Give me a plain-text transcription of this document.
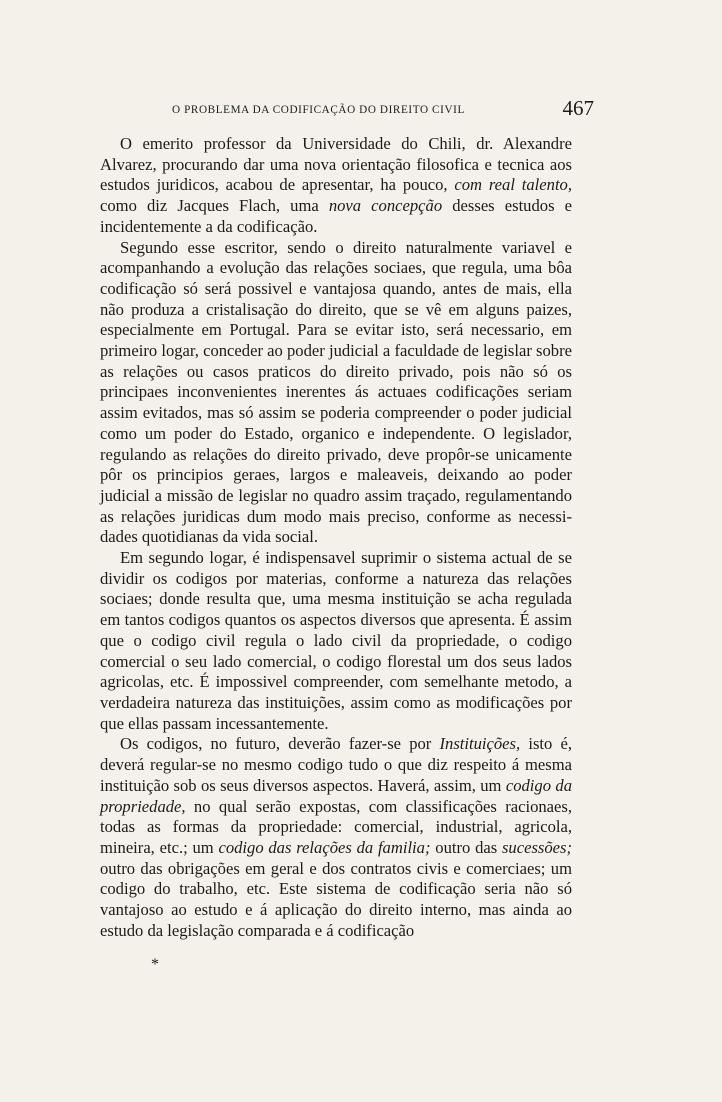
O PROBLEMA DA CODIFICAÇÃO DO DIREITO CIVIL	467

O emerito professor da Universidade do Chili, dr. Alexandre Alvarez, procurando dar uma nova orientação filosofica e tecnica aos estudos juridicos, acabou de apresentar, ha pouco, com real talento, como diz Jacques Flach, uma nova concepção desses estudos e incidentemente a da codificação.

Segundo esse escritor, sendo o direito naturalmente variavel e acompanhando a evolução das relações sociaes, que regula, uma bôa codificação só será possivel e vantajosa quando, antes de mais, ella não produza a cristalisação do direito, que se vê em alguns paizes, especialmente em Portugal. Para se evitar isto, será necessario, em primeiro logar, conceder ao poder judicial a faculdade de legislar sobre as relações ou casos praticos do direito privado, pois não só os principaes inconvenientes inerentes ás actuaes codificações seriam assim evitados, mas só assim se poderia compreender o poder judicial como um poder do Estado, organico e independente. O legislador, regulando as relações do direito privado, deve propôr-se unicamente pôr os principios geraes, largos e maleaveis, deixando ao poder judicial a missão de legislar no quadro assim traçado, regulamentando as relações juridicas dum modo mais preciso, conforme as necessidades quotidianas da vida social.

Em segundo logar, é indispensavel suprimir o sistema actual de se dividir os codigos por materias, conforme a natureza das relações sociaes; donde resulta que, uma mesma instituição se acha regulada em tantos codigos quantos os aspectos diversos que apresenta. É assim que o codigo civil regula o lado civil da propriedade, o codigo comercial o seu lado comercial, o codigo florestal um dos seus lados agricolas, etc. É impossivel compreender, com semelhante metodo, a verdadeira natureza das instituições, assim como as modificações por que ellas passam incessantemente.

Os codigos, no futuro, deverão fazer-se por Instituições, isto é, deverá regular-se no mesmo codigo tudo o que diz respeito á mesma instituição sob os seus diversos aspectos. Haverá, assim, um codigo da propriedade, no qual serão expostas, com classificações racionaes, todas as formas da propriedade: comercial, industrial, agricola, mineira, etc.; um codigo das relações da familia; outro das sucessões; outro das obrigações em geral e dos contratos civis e comerciaes; um codigo do trabalho, etc. Este sistema de codificação seria não só vantajoso ao estudo e á aplicação do direito interno, mas ainda ao estudo da legislação comparada e á codificação

*
